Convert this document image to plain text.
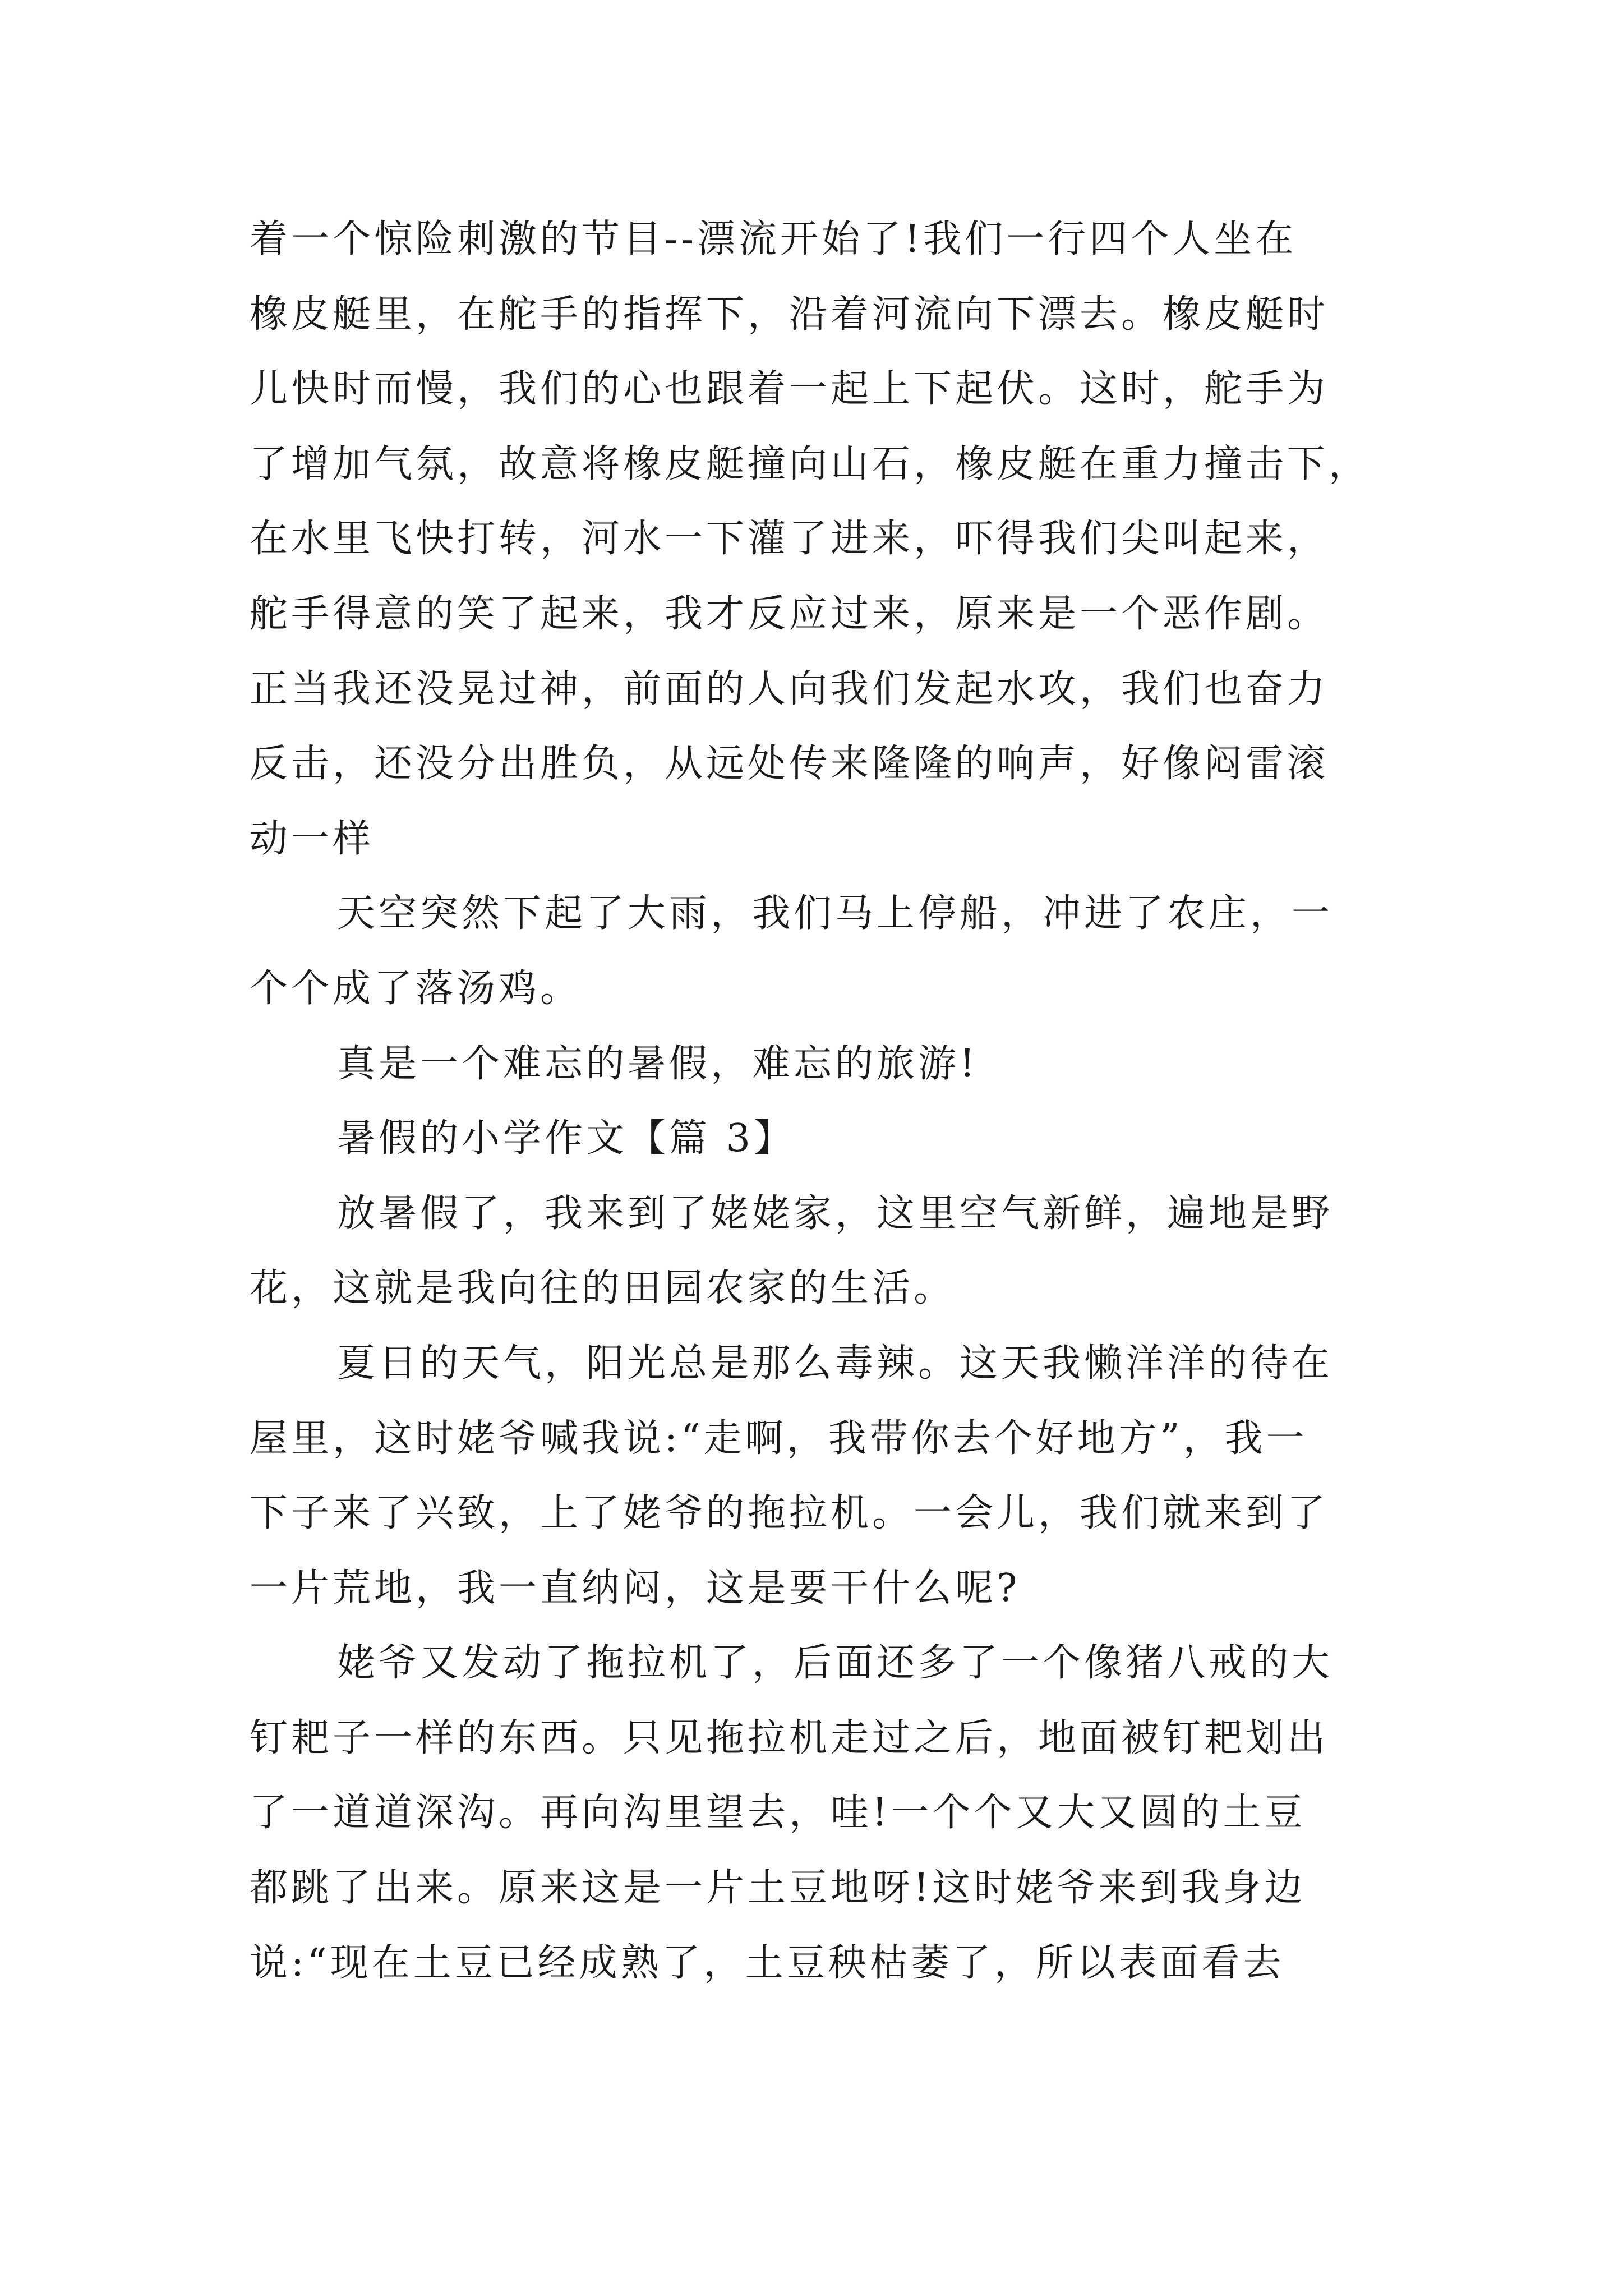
着一个惊险刺激的节目--漂流开始了!我们一行四个人坐在
橡皮艇里，在舵手的指挥下，沿着河流向下漂去。橡皮艇时
儿快时而慢，我们的心也跟着一起上下起伏。这时，舵手为
了增加气氛，故意将橡皮艇撞向山石，橡皮艇在重力撞击下，
在水里飞快打转，河水一下灌了进来，吓得我们尖叫起来，
舵手得意的笑了起来，我才反应过来，原来是一个恶作剧。
正当我还没晃过神，前面的人向我们发起水攻，我们也奋力
反击，还没分出胜负，从远处传来隆隆的响声，好像闷雷滚
动一样
天空突然下起了大雨，我们马上停船，冲进了农庄，一
个个成了落汤鸡。
真是一个难忘的暑假，难忘的旅游!
暑假的小学作文【篇 3】
放暑假了，我来到了姥姥家，这里空气新鲜，遍地是野
花，这就是我向往的田园农家的生活。
夏日的天气，阳光总是那么毒辣。这天我懒洋洋的待在
屋里，这时姥爷喊我说:“走啊，我带你去个好地方”，我一
下子来了兴致，上了姥爷的拖拉机。一会儿，我们就来到了
一片荒地，我一直纳闷，这是要干什么呢?
姥爷又发动了拖拉机了，后面还多了一个像猪八戒的大
钉耙子一样的东西。只见拖拉机走过之后，地面被钉耙划出
了一道道深沟。再向沟里望去，哇!一个个又大又圆的土豆
都跳了出来。原来这是一片土豆地呀!这时姥爷来到我身边
说:“现在土豆已经成熟了，土豆秧枯萎了，所以表面看去
